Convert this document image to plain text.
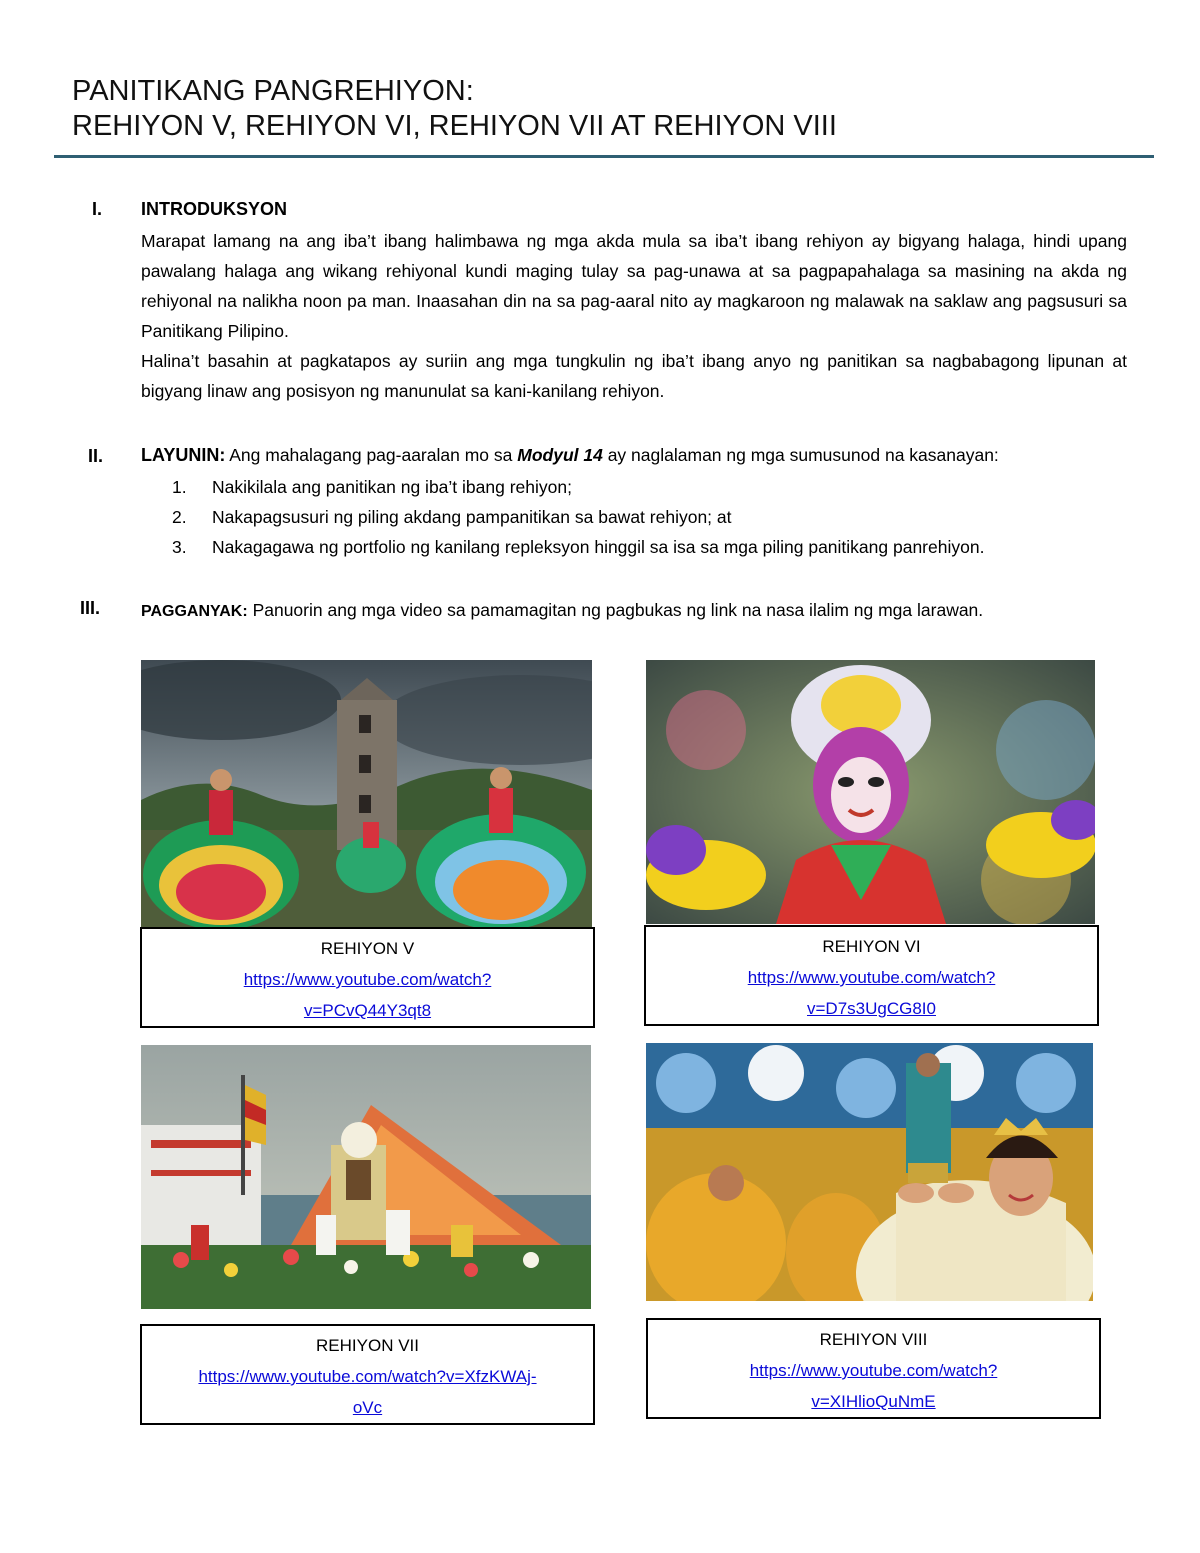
PANITIKANG PANGREHIYON:
REHIYON V, REHIYON VI, REHIYON VII AT REHIYON VIII
I. INTRODUKSYON
Marapat lamang na ang iba’t ibang halimbawa ng mga akda mula sa iba’t ibang rehiyon ay bigyang halaga, hindi upang pawalang halaga ang wikang rehiyonal kundi maging tulay sa pag-unawa at sa pagpapahalaga sa masining na akda ng rehiyonal na nalikha noon pa man. Inaasahan din na sa pag-aaral nito ay magkaroon ng malawak na saklaw ang pagsusuri sa Panitikang Pilipino.
Halina’t basahin at pagkatapos ay suriin ang mga tungkulin ng iba’t ibang anyo ng panitikan sa nagbabagong lipunan at bigyang linaw ang posisyon ng manunulat sa kani-kanilang rehiyon.
II. LAYUNIN: Ang mahalagang pag-aaralan mo sa Modyul 14 ay naglalaman ng mga sumusunod na kasanayan:
1. Nakikilala ang panitikan ng iba’t ibang rehiyon;
2. Nakapagsusuri ng piling akdang pampanitikan sa bawat rehiyon; at
3. Nakagagawa ng portfolio ng kanilang repleksyon hinggil sa isa sa mga piling panitikang panrehiyon.
III.	PAGGANYAK: Panuorin ang mga video sa pamamagitan ng pagbukas ng link na nasa ilalim ng mga larawan.
REHIYON V
https://www.youtube.com/watch?
v=PCvQ44Y3qt8
REHIYON VI
https://www.youtube.com/watch?
v=D7s3UgCG8I0
REHIYON VII
https://www.youtube.com/watch?v=XfzKWAj-
oVc
REHIYON VIII
https://www.youtube.com/watch?
v=XIHlioQuNmE
